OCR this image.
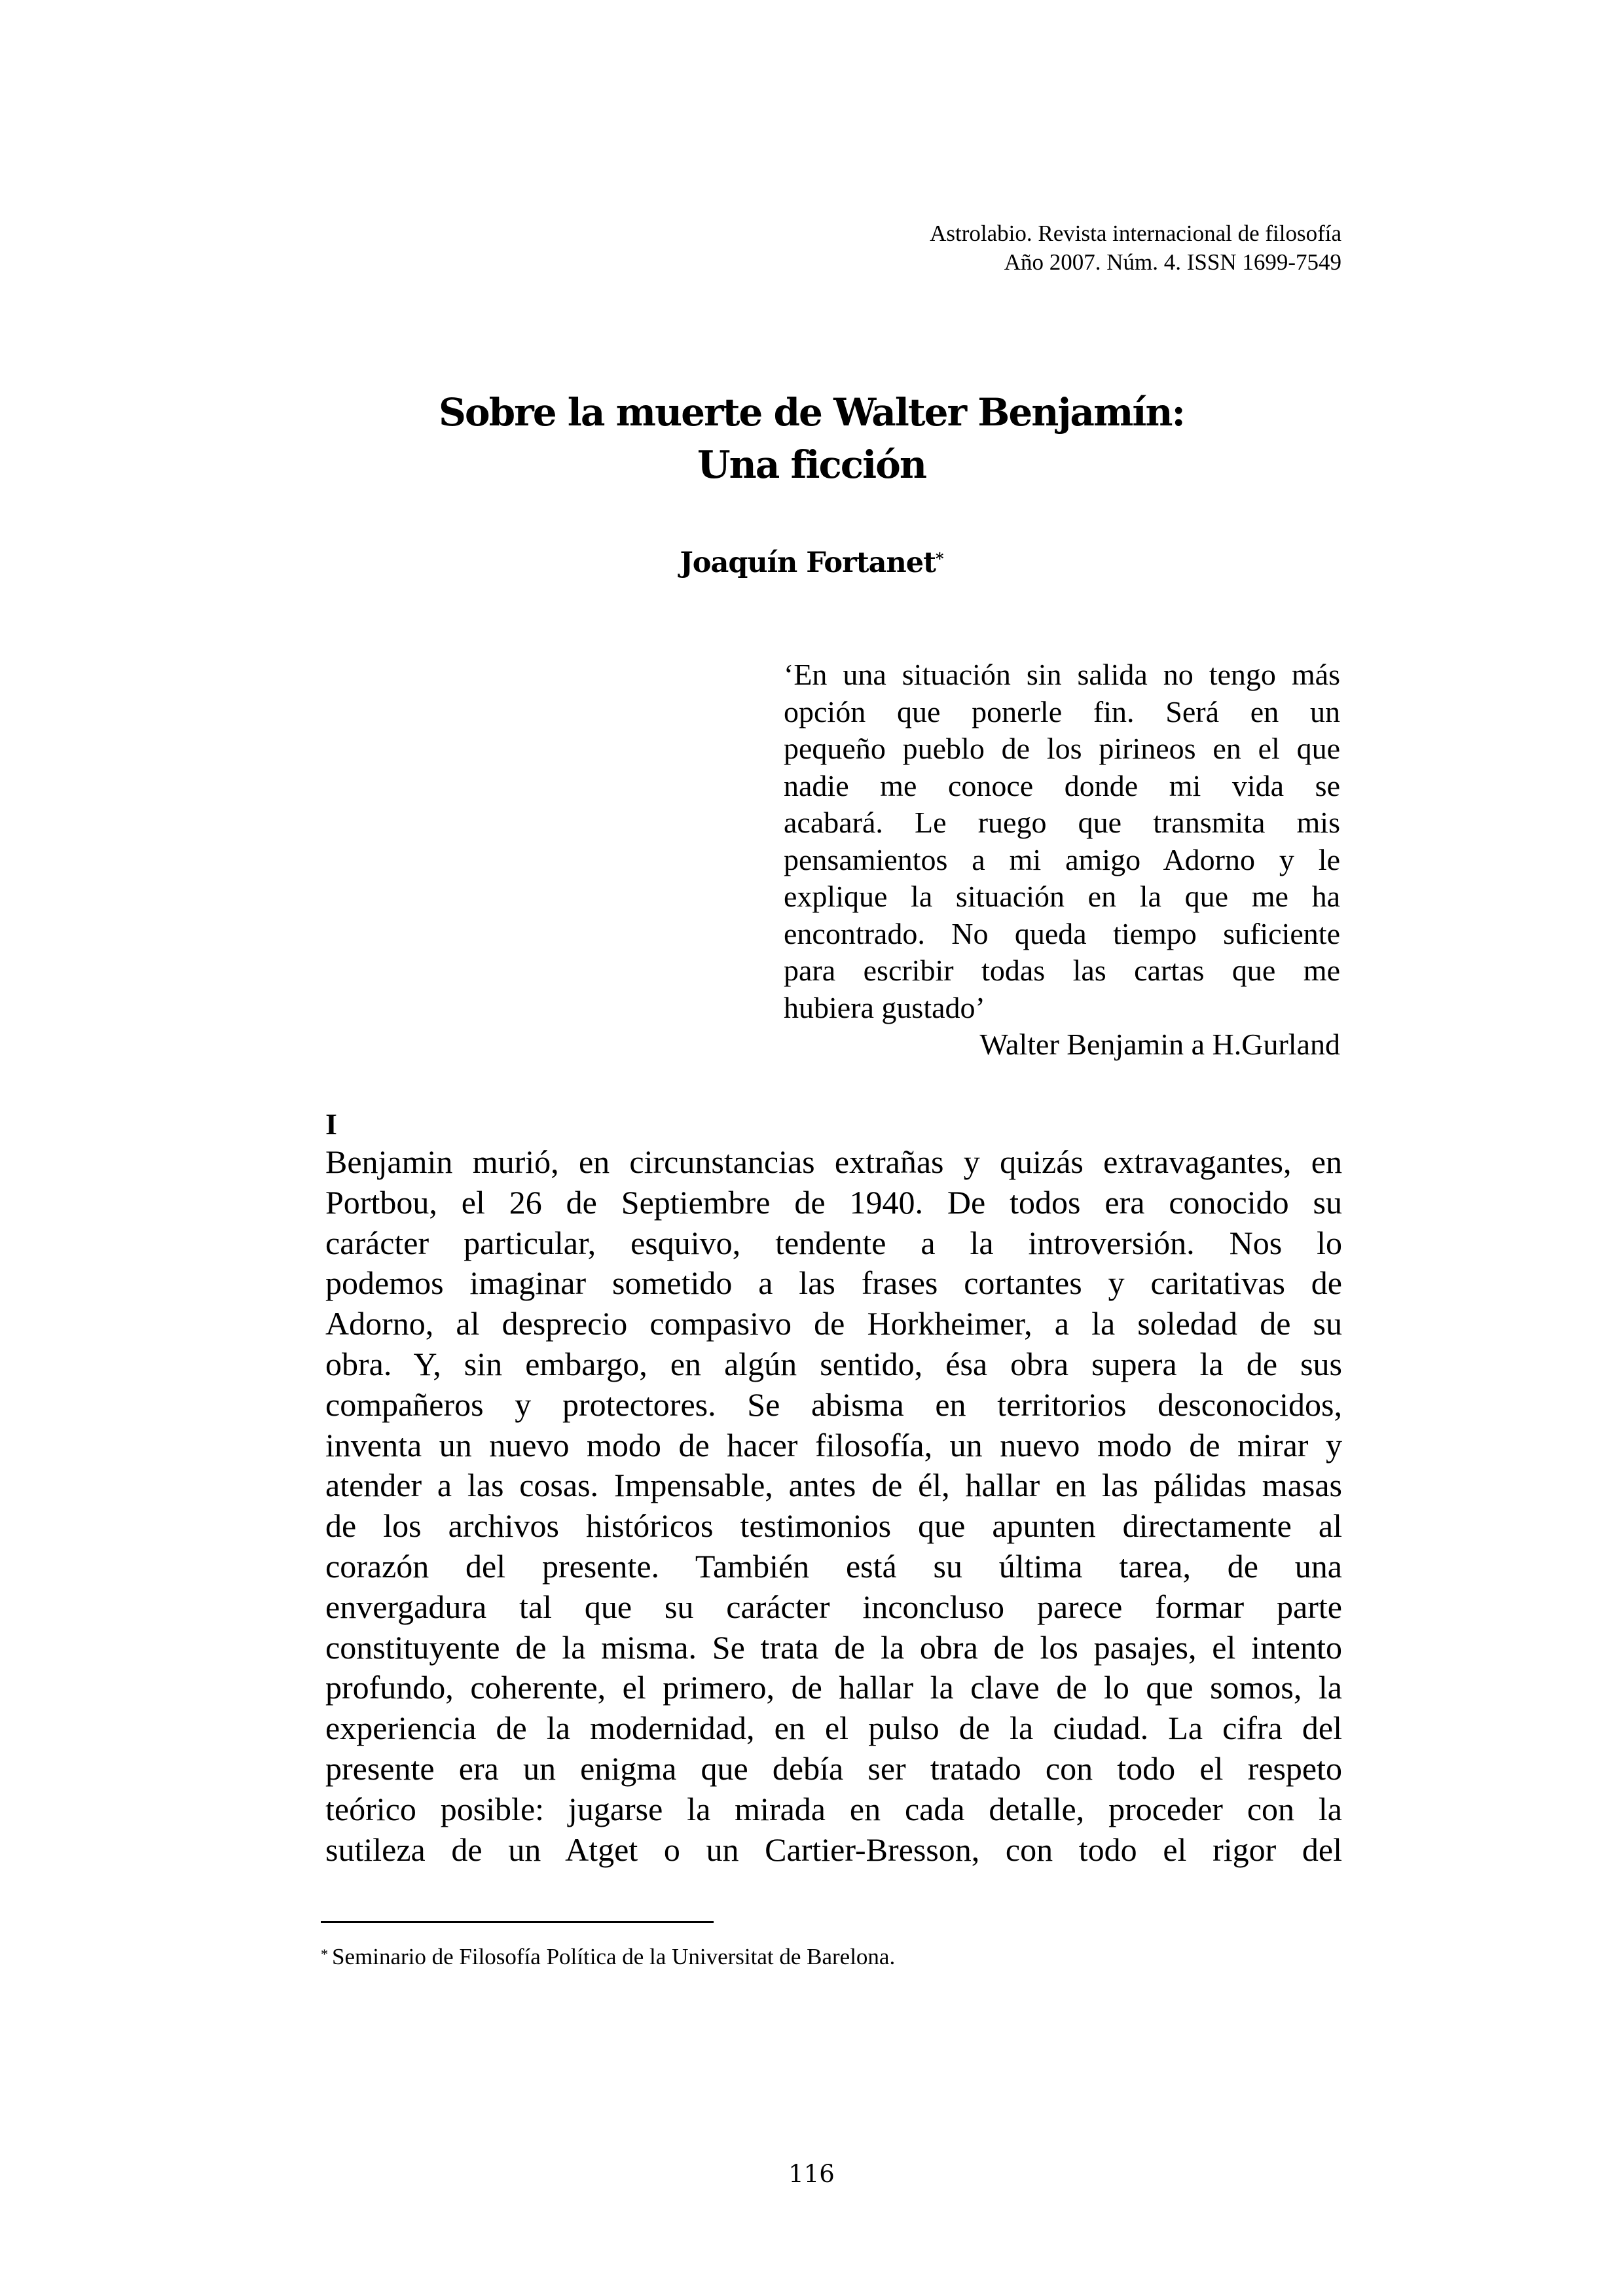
Astrolabio. Revista internacional de filosofía
Año 2007. Núm. 4. ISSN 1699-7549
Sobre la muerte de Walter Benjamín:
Una ficción
Joaquín Fortanet*
‘En una situación sin salida no tengo más
opción que ponerle fin. Será en un
pequeño pueblo de los pirineos en el que
nadie me conoce donde mi vida se
acabará. Le ruego que transmita mis
pensamientos a mi amigo Adorno y le
explique la situación en la que me ha
encontrado. No queda tiempo suficiente
para escribir todas las cartas que me
hubiera gustado’
Walter Benjamin a H.Gurland
I
Benjamin murió, en circunstancias extrañas y quizás extravagantes, en
Portbou, el 26 de Septiembre de 1940. De todos era conocido su
carácter particular, esquivo, tendente a la introversión. Nos lo
podemos imaginar sometido a las frases cortantes y caritativas de
Adorno, al desprecio compasivo de Horkheimer, a la soledad de su
obra. Y, sin embargo, en algún sentido, ésa obra supera la de sus
compañeros y protectores. Se abisma en territorios desconocidos,
inventa un nuevo modo de hacer filosofía, un nuevo modo de mirar y
atender a las cosas. Impensable, antes de él, hallar en las pálidas masas
de los archivos históricos testimonios que apunten directamente al
corazón del presente. También está su última tarea, de una
envergadura tal que su carácter inconcluso parece formar parte
constituyente de la misma. Se trata de la obra de los pasajes, el intento
profundo, coherente, el primero, de hallar la clave de lo que somos, la
experiencia de la modernidad, en el pulso de la ciudad. La cifra del
presente era un enigma que debía ser tratado con todo el respeto
teórico posible: jugarse la mirada en cada detalle, proceder con la
sutileza de un Atget o un Cartier-Bresson, con todo el rigor del
* Seminario de Filosofía Política de la Universitat de Barelona.
116
